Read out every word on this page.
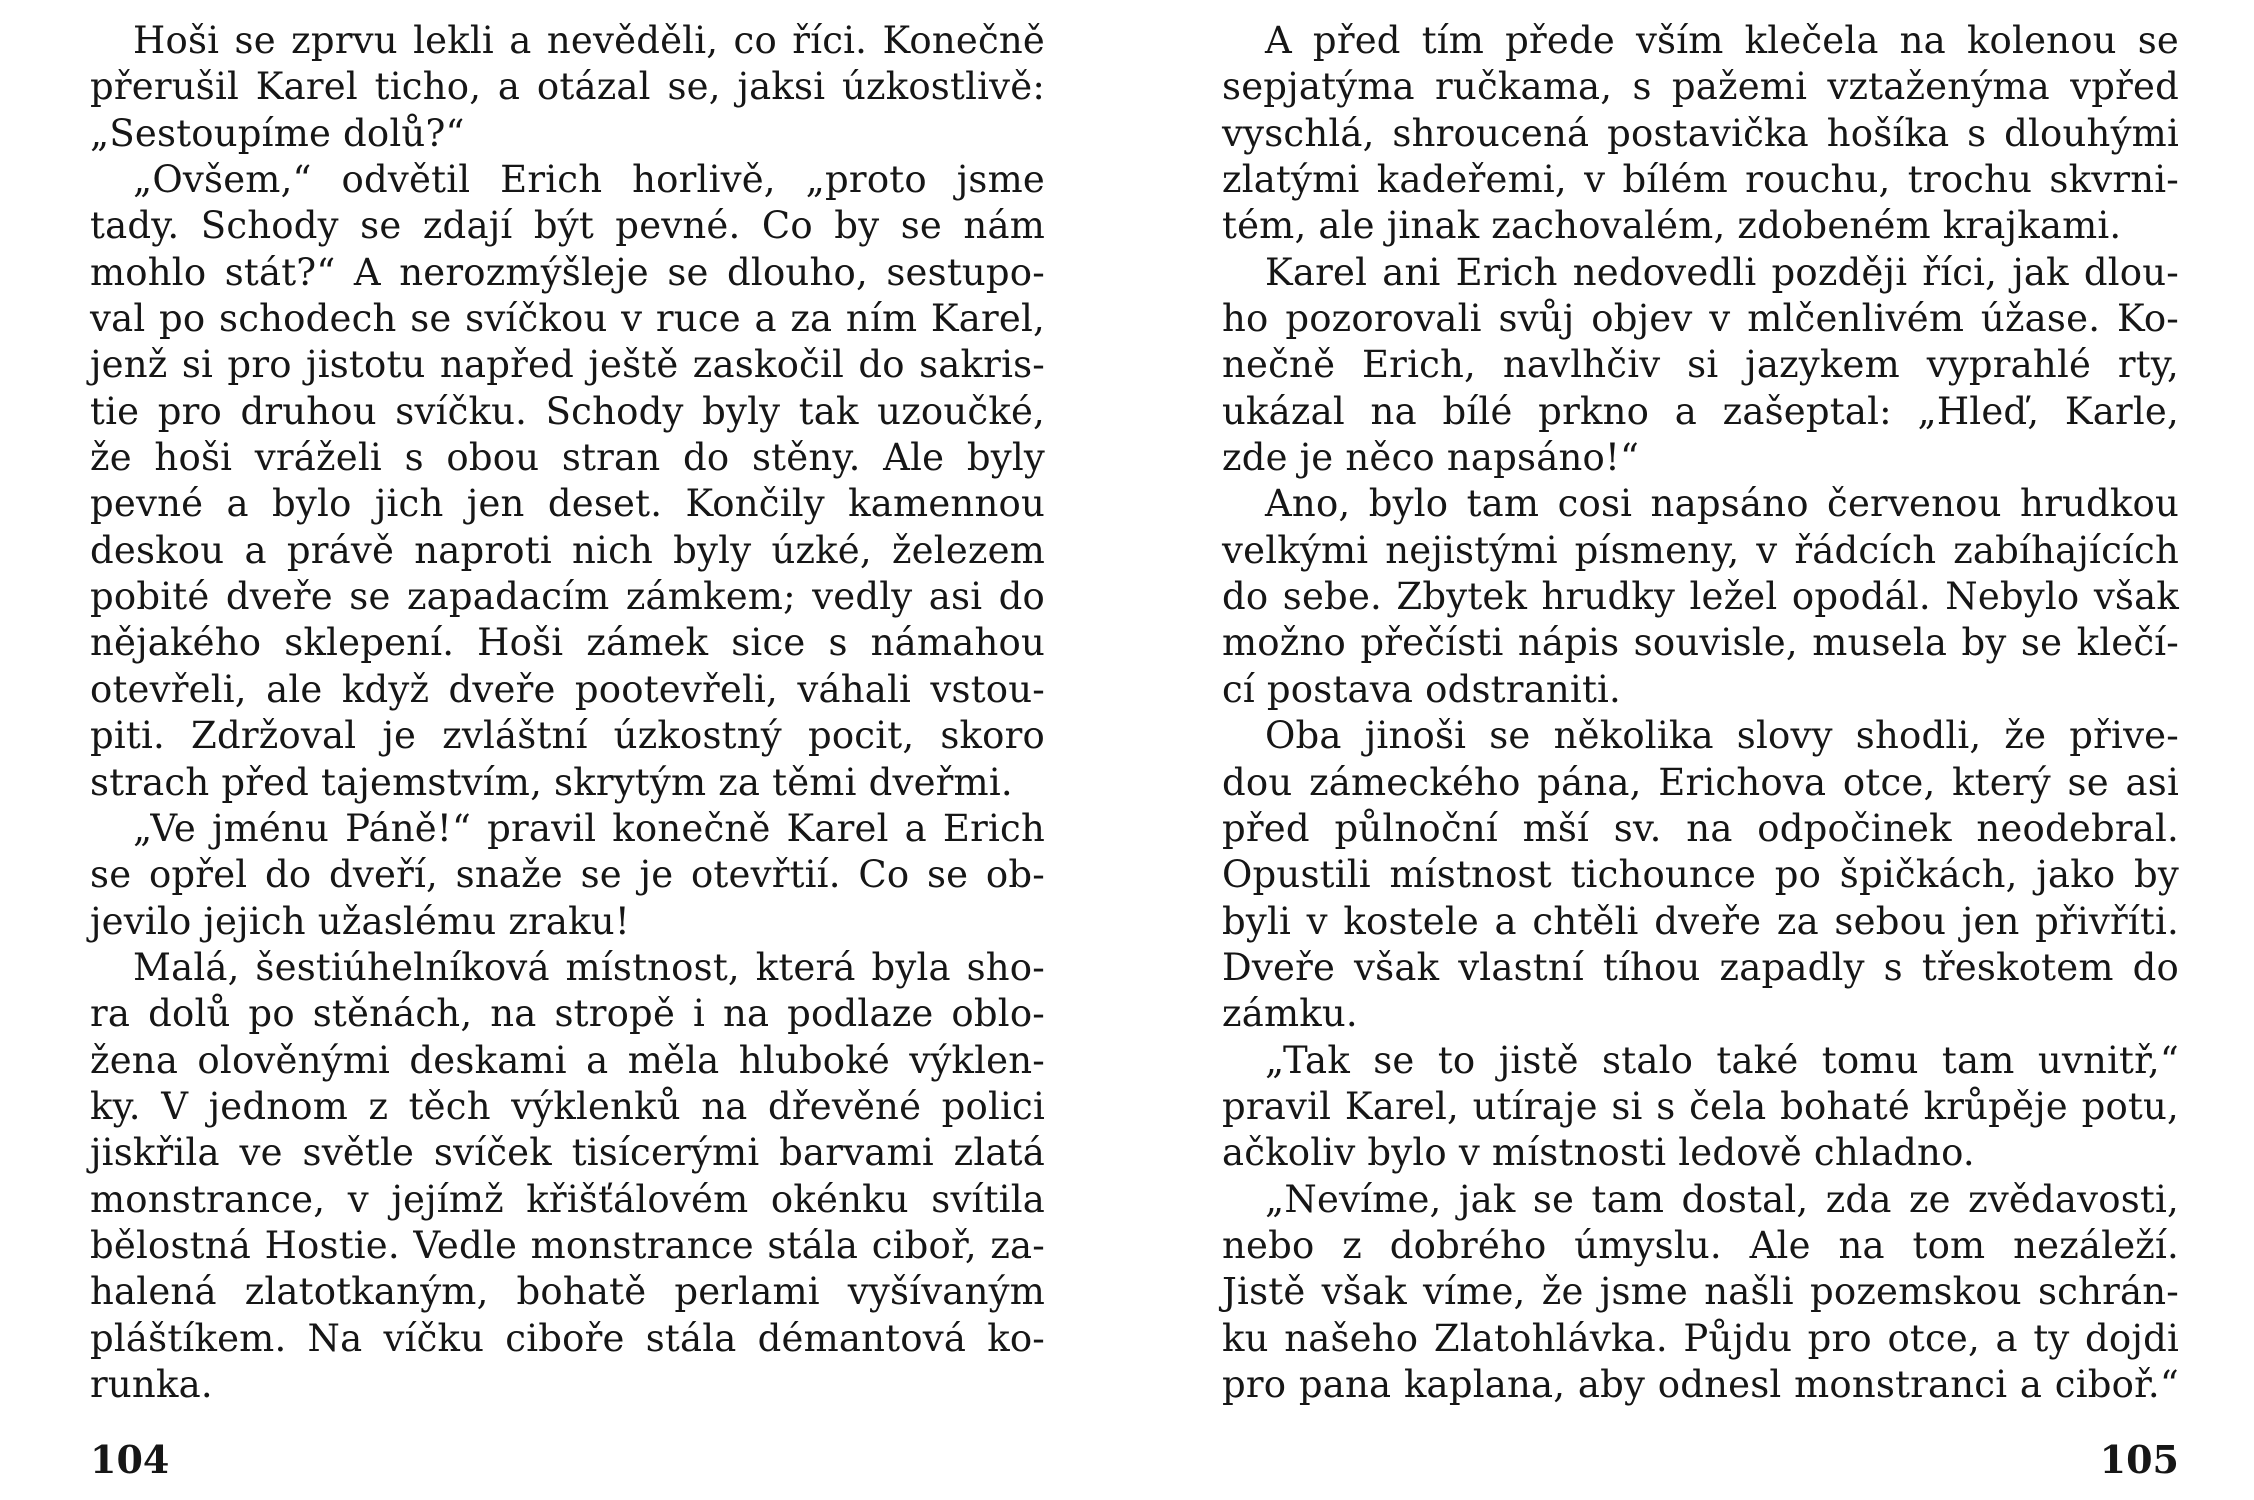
Hoši se zprvu lekli a nevěděli, co říci. Konečně
přerušil Karel ticho, a otázal se, jaksi úzkostlivě:
„Sestoupíme dolů?“
„Ovšem,“ odvětil Erich horlivě, „proto jsme
tady. Schody se zdají být pevné. Co by se nám
mohlo stát?“ A nerozmýšleje se dlouho, sestupo-
val po schodech se svíčkou v ruce a za ním Karel,
jenž si pro jistotu napřed ještě zaskočil do sakris-
tie pro druhou svíčku. Schody byly tak uzoučké,
že hoši vráželi s obou stran do stěny. Ale byly
pevné a bylo jich jen deset. Končily kamennou
deskou a právě naproti nich byly úzké, železem
pobité dveře se zapadacím zámkem; vedly asi do
nějakého sklepení. Hoši zámek sice s námahou
otevřeli, ale když dveře pootevřeli, váhali vstou-
piti. Zdržoval je zvláštní úzkostný pocit, skoro
strach před tajemstvím, skrytým za těmi dveřmi.
„Ve jménu Páně!“ pravil konečně Karel a Erich
se opřel do dveří, snaže se je otevřtií. Co se ob-
jevilo jejich užaslému zraku!
Malá, šestiúhelníková místnost, která byla sho-
ra dolů po stěnách, na stropě i na podlaze oblo-
žena olověnými deskami a měla hluboké výklen-
ky. V jednom z těch výklenků na dřevěné polici
jiskřila ve světle svíček tisícerými barvami zlatá
monstrance, v jejímž křišťálovém okénku svítila
bělostná Hostie. Vedle monstrance stála ciboř, za-
halená zlatotkaným, bohatě perlami vyšívaným
pláštíkem. Na víčku ciboře stála démantová ko-
runka.
104
A před tím přede vším klečela na kolenou se
sepjatýma ručkama, s pažemi vztaženýma vpřed
vyschlá, shroucená postavička hošíka s dlouhými
zlatými kadeřemi, v bílém rouchu, trochu skvrni-
tém, ale jinak zachovalém, zdobeném krajkami.
Karel ani Erich nedovedli později říci, jak dlou-
ho pozorovali svůj objev v mlčenlivém úžase. Ko-
nečně Erich, navlhčiv si jazykem vyprahlé rty,
ukázal na bílé prkno a zašeptal: „Hleď, Karle,
zde je něco napsáno!“
Ano, bylo tam cosi napsáno červenou hrudkou
velkými nejistými písmeny, v řádcích zabíhajících
do sebe. Zbytek hrudky ležel opodál. Nebylo však
možno přečísti nápis souvisle, musela by se klečí-
cí postava odstraniti.
Oba jinoši se několika slovy shodli, že přive-
dou zámeckého pána, Erichova otce, který se asi
před půlnoční mší sv. na odpočinek neodebral.
Opustili místnost tichounce po špičkách, jako by
byli v kostele a chtěli dveře za sebou jen přivříti.
Dveře však vlastní tíhou zapadly s třeskotem do
zámku.
„Tak se to jistě stalo také tomu tam uvnitř,“
pravil Karel, utíraje si s čela bohaté krůpěje potu,
ačkoliv bylo v místnosti ledově chladno.
„Nevíme, jak se tam dostal, zda ze zvědavosti,
nebo z dobrého úmyslu. Ale na tom nezáleží.
Jistě však víme, že jsme našli pozemskou schrán-
ku našeho Zlatohlávka. Půjdu pro otce, a ty dojdi
pro pana kaplana, aby odnesl monstranci a ciboř.“
105
